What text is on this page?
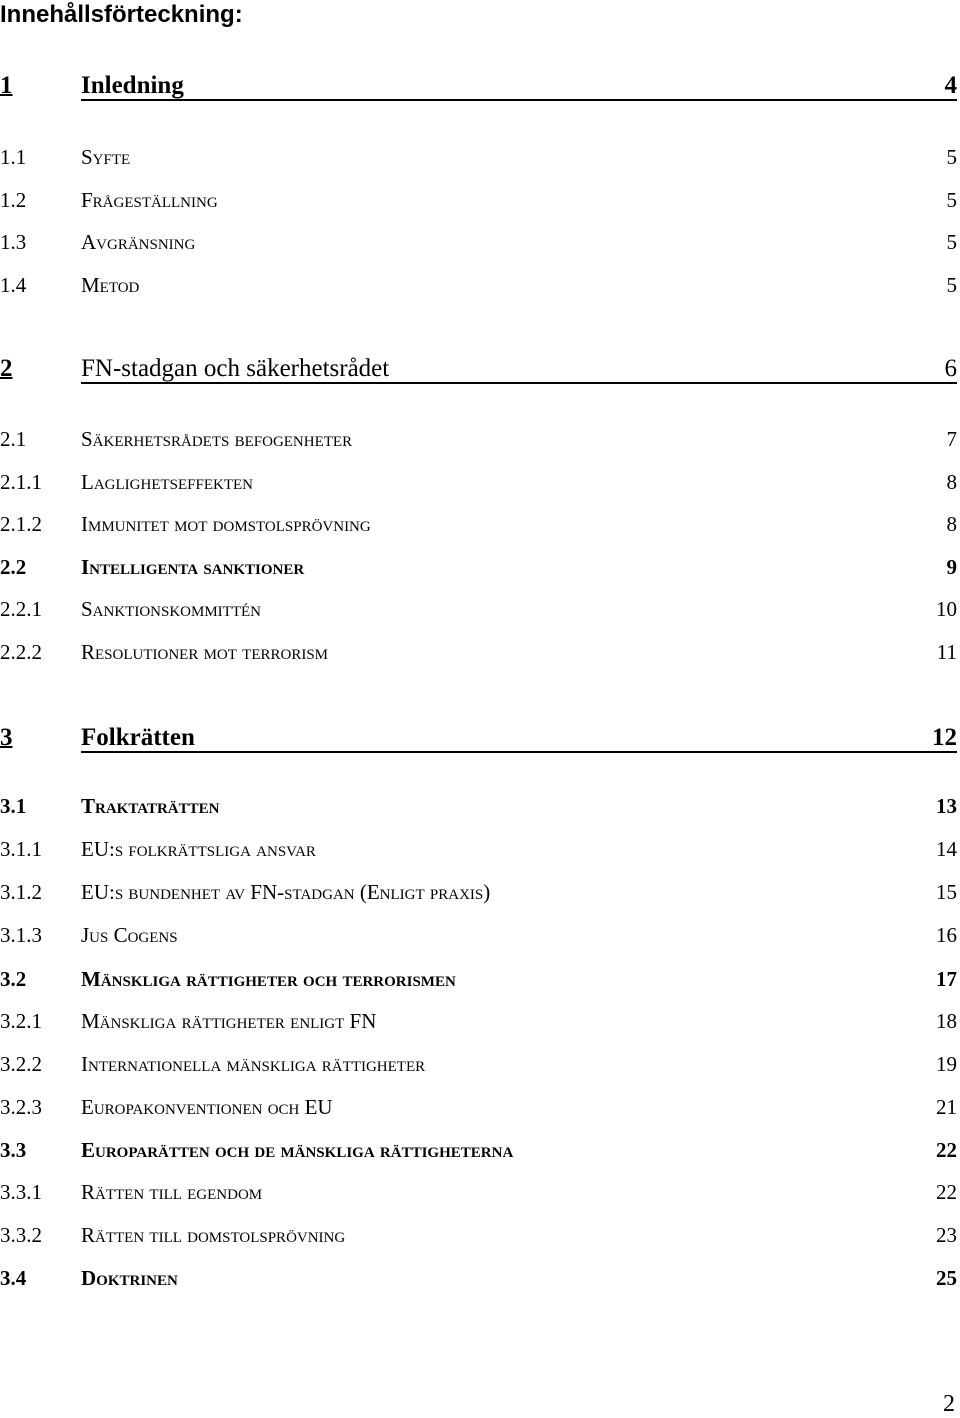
Innehållsförteckning:
1	Inledning	4
1.1	Syfte	5
1.2	Frågeställning	5
1.3	Avgränsning	5
1.4	Metod	5
2	FN-stadgan och säkerhetsrådet	6
2.1	Säkerhetsrådets befogenheter	7
2.1.1 Laglighetseffekten	8
2.1.2 Immunitet mot domstolsprövning	8
2.2	Intelligenta sanktioner	9
2.2.1 Sanktionskommittén	10
2.2.2 Resolutioner mot terrorism	11
3	Folkrätten	12
3.1	Traktaträtten	13
3.1.1 EU:s folkrättsliga ansvar	14
3.1.2 EU:s bundenhet av FN-stadgan (Enligt praxis)	15
3.1.3 Jus Cogens	16
3.2	Mänskliga rättigheter och terrorismen	17
3.2.1 Mänskliga rättigheter enligt FN	18
3.2.2 Internationella mänskliga rättigheter	19
3.2.3 Europakonventionen och EU	21
3.3	Europarätten och de mänskliga rättigheterna	22
3.3.1 Rätten till egendom	22
3.3.2 Rätten till domstolsprövning	23
3.4	Doktrinen	25
2
